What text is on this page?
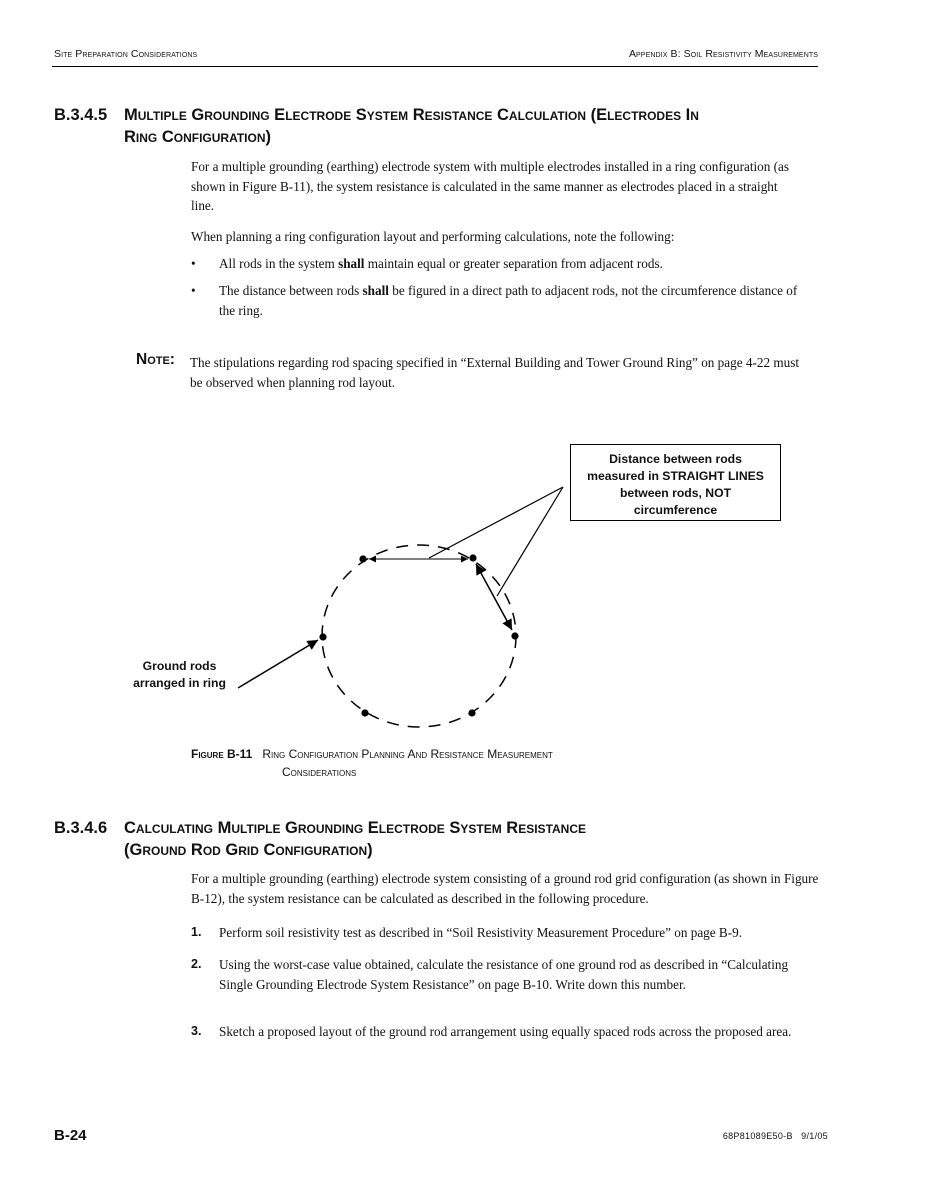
Site Preparation Considerations	Appendix B: Soil Resistivity Measurements
B.3.4.5 Multiple Grounding Electrode System Resistance Calculation (Electrodes In
Ring Configuration)
For a multiple grounding (earthing) electrode system with multiple electrodes installed in a ring configuration (as shown in Figure B-11), the system resistance is calculated in the same manner as electrodes placed in a straight line.
When planning a ring configuration layout and performing calculations, note the following:
• All rods in the system shall maintain equal or greater separation from adjacent rods.
• The distance between rods shall be figured in a direct path to adjacent rods, not the circumference distance of the ring.
Note: The stipulations regarding rod spacing specified in “External Building and Tower Ground Ring” on page 4-22 must be observed when planning rod layout.
Distance between rods
measured in STRAIGHT LINES
between rods, NOT
circumference
Ground rods
arranged in ring
Figure B-11 Ring Configuration Planning And Resistance Measurement
Considerations
B.3.4.6 Calculating Multiple Grounding Electrode System Resistance
(Ground Rod Grid Configuration)
For a multiple grounding (earthing) electrode system consisting of a ground rod grid configuration (as shown in Figure B-12), the system resistance can be calculated as described in the following procedure.
1. Perform soil resistivity test as described in “Soil Resistivity Measurement Procedure” on page B-9.
2. Using the worst-case value obtained, calculate the resistance of one ground rod as described in “Calculating Single Grounding Electrode System Resistance” on page B-10. Write down this number.
3. Sketch a proposed layout of the ground rod arrangement using equally spaced rods across the proposed area.
B-24	68P81089E50-B   9/1/05
